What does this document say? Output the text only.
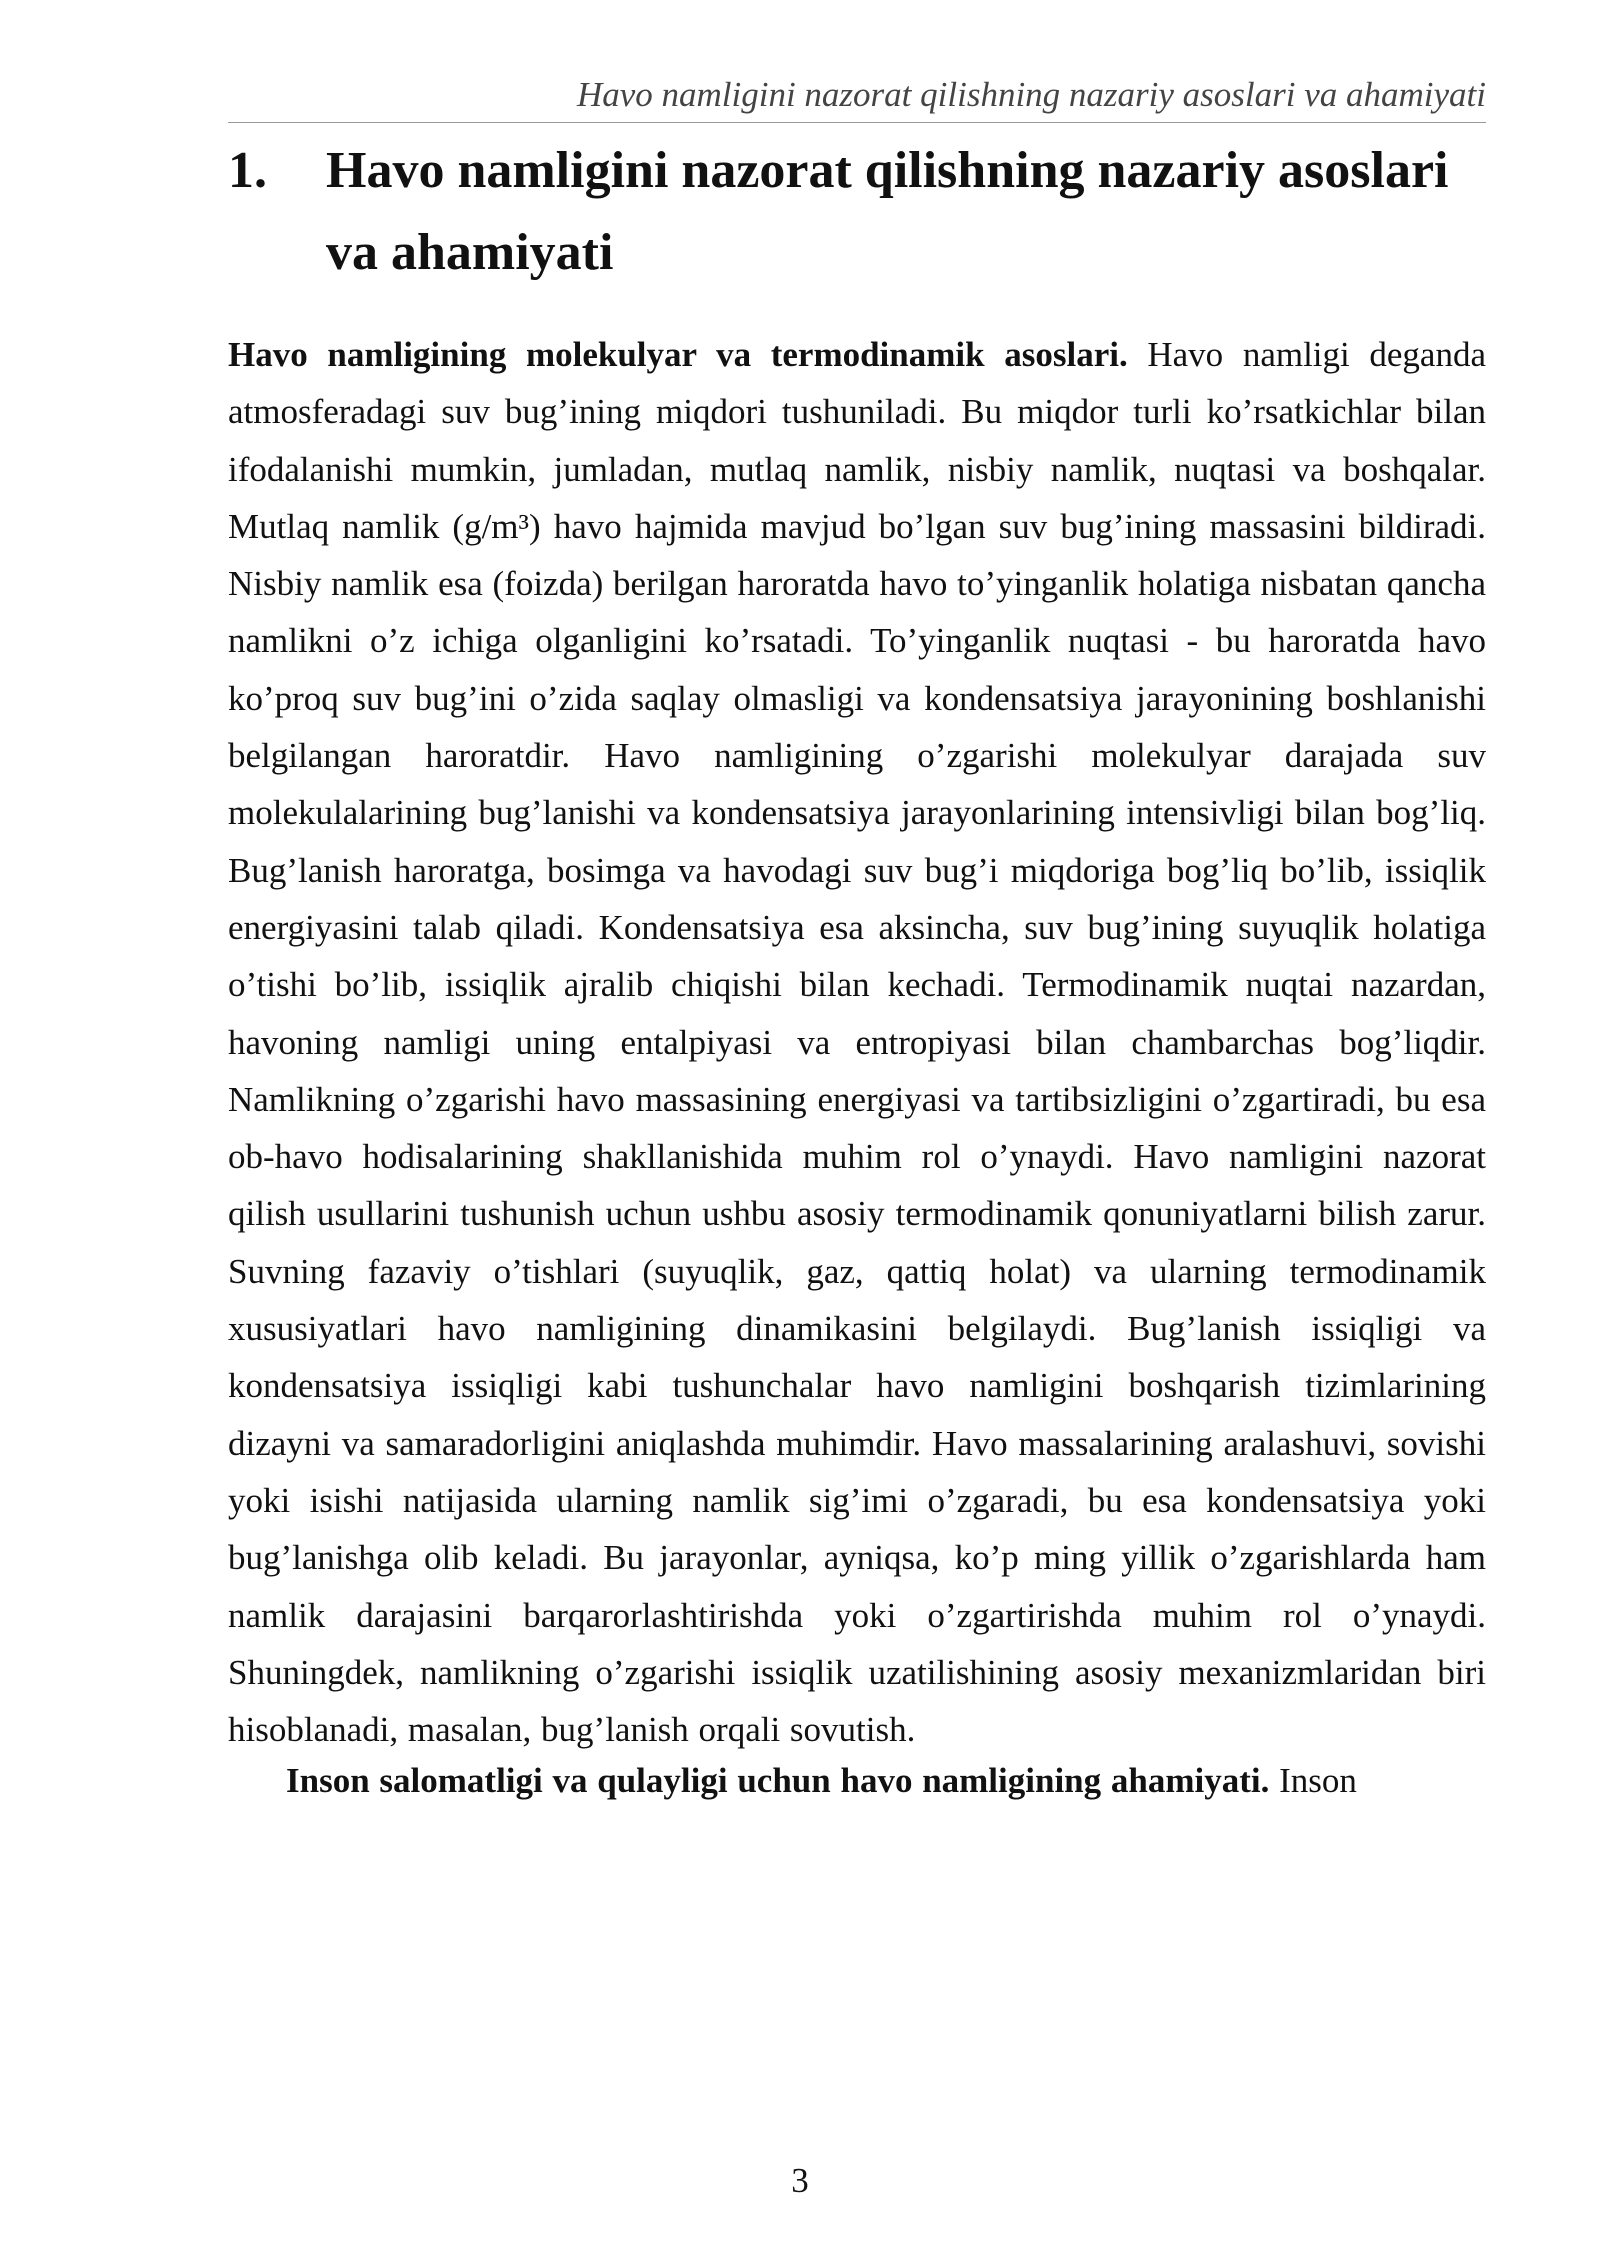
Havo namligini nazorat qilishning nazariy asoslari va ahamiyati
1. Havo namligini nazorat qilishning nazariy asoslari va ahamiyati

Havo namligining molekulyar va termodinamik asoslari. Havo namligi deganda atmosferadagi suv bug’ining miqdori tushuniladi. Bu miqdor turli ko’rsatkichlar bilan ifodalanishi mumkin, jumladan, mutlaq namlik, nisbiy namlik, nuqtasi va boshqalar. Mutlaq namlik (g/m³) havo hajmida mavjud bo’lgan suv bug’ining massasini bildiradi. Nisbiy namlik esa (foizda) berilgan haroratda havo to’yinganlik holatiga nisbatan qancha namlikni o’z ichiga olganligini ko’rsatadi. To’yinganlik nuqtasi - bu haroratda havo ko’proq suv bug’ini o’zida saqlay olmasligi va kondensatsiya jarayonining boshlanishi belgilangan haroratdir. Havo namligining o’zgarishi molekulyar darajada suv molekulalarining bug’lanishi va kondensatsiya jarayonlarining intensivligi bilan bog’liq. Bug’lanish haroratga, bosimga va havodagi suv bug’i miqdoriga bog’liq bo’lib, issiqlik energiyasini talab qiladi. Kondensatsiya esa aksincha, suv bug’ining suyuqlik holatiga o’tishi bo’lib, issiqlik ajralib chiqishi bilan kechadi. Termodinamik nuqtai nazardan, havoning namligi uning entalpiyasi va entropiyasi bilan chambarchas bog’liqdir. Namlikning o’zgarishi havo massasining energiyasi va tartibsizligini o’zgartiradi, bu esa ob-havo hodisalarining shakllanishida muhim rol o’ynaydi. Havo namligini nazorat qilish usullarini tushunish uchun ushbu asosiy termodinamik qonuniyatlarni bilish zarur. Suvning fazaviy o’tishlari (suyuqlik, gaz, qattiq holat) va ularning termodinamik xususiyatlari havo namligining dinamikasini belgilaydi. Bug’lanish issiqligi va kondensatsiya issiqligi kabi tushunchalar havo namligini boshqarish tizimlarining dizayni va samaradorligini aniqlashda muhimdir. Havo massalarining aralashuvi, sovishi yoki isishi natijasida ularning namlik sig’imi o’zgaradi, bu esa kondensatsiya yoki bug’lanishga olib keladi. Bu jarayonlar, ayniqsa, ko’p ming yillik o’zgarishlarda ham namlik darajasini barqarorlashtirishda yoki o’zgartirishda muhim rol o’ynaydi. Shuningdek, namlikning o’zgarishi issiqlik uzatilishining asosiy mexanizmlaridan biri hisoblanadi, masalan, bug’lanish orqali sovutish.

Inson salomatligi va qulayligi uchun havo namligining ahamiyati. Inson

3
